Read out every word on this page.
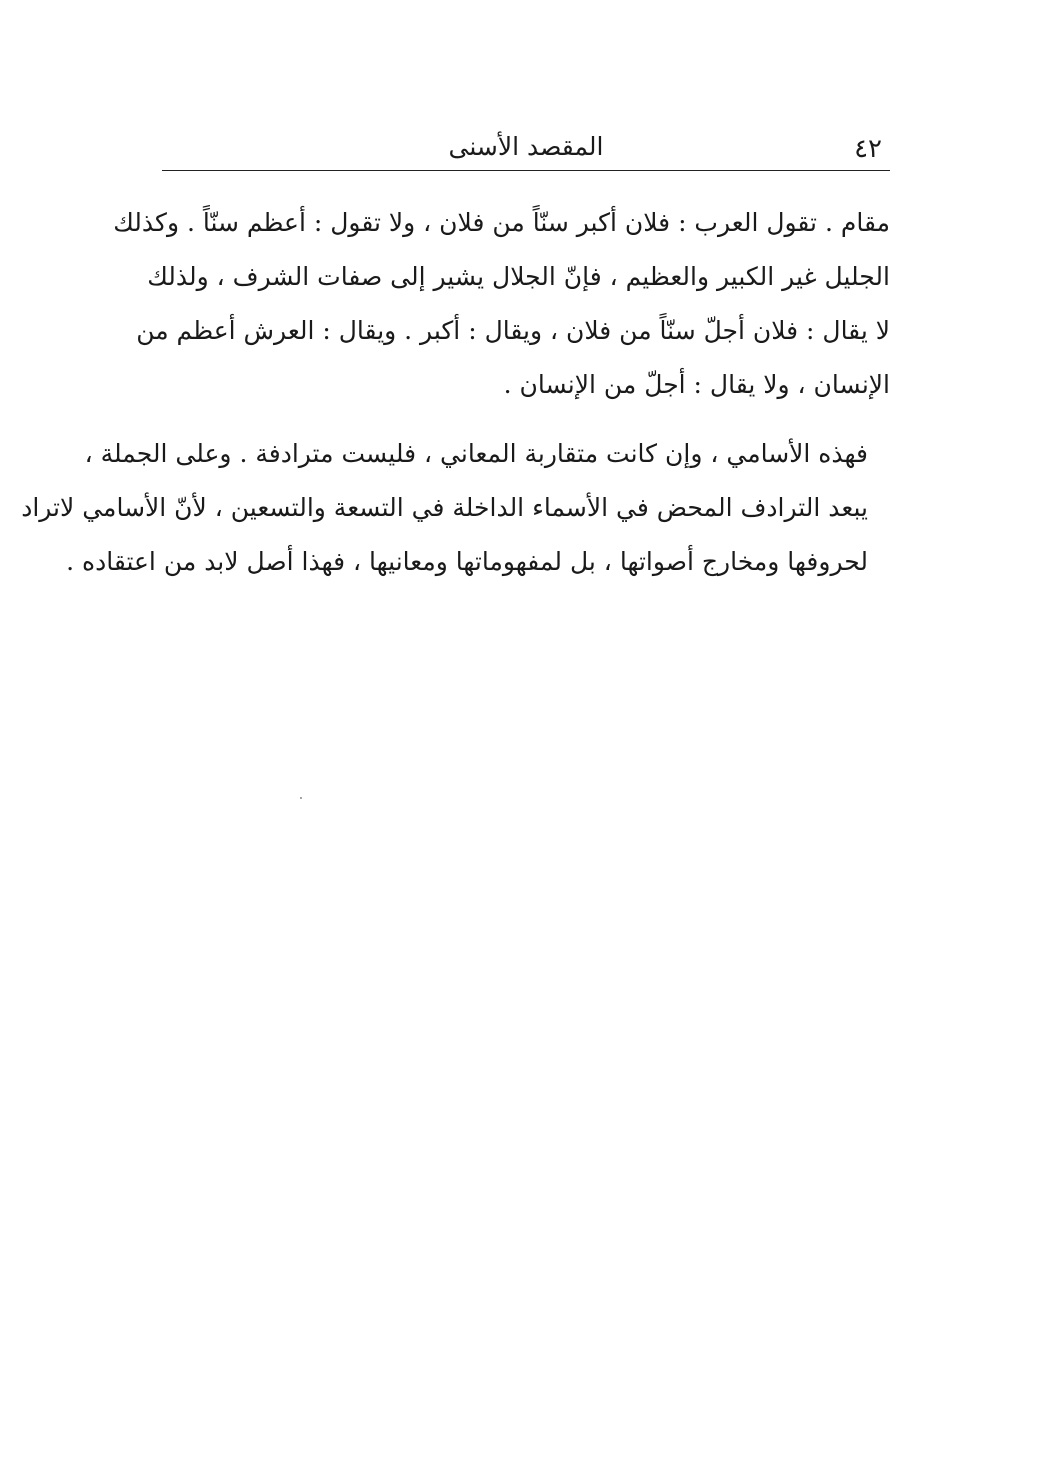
٤٢
المقصد الأسنى

مقام . تقول العرب : فلان أكبر سنّاً من فلان ، ولا تقول : أعظم سنّاً . وكذلك
الجليل غير الكبير والعظيم ، فإنّ الجلال يشير إلى صفات الشرف ، ولذلك
لا يقال : فلان أجلّ سنّاً من فلان ، ويقال : أكبر . ويقال : العرش أعظم من
الإنسان ، ولا يقال : أجلّ من الإنسان .

فهذه الأسامي ، وإن كانت متقاربة المعاني ، فليست مترادفة . وعلى الجملة ،
يبعد الترادف المحض في الأسماء الداخلة في التسعة والتسعين ، لأنّ الأسامي لاتراد
لحروفها ومخارج أصواتها ، بل لمفهوماتها ومعانيها ، فهذا أصل لابد من اعتقاده .
